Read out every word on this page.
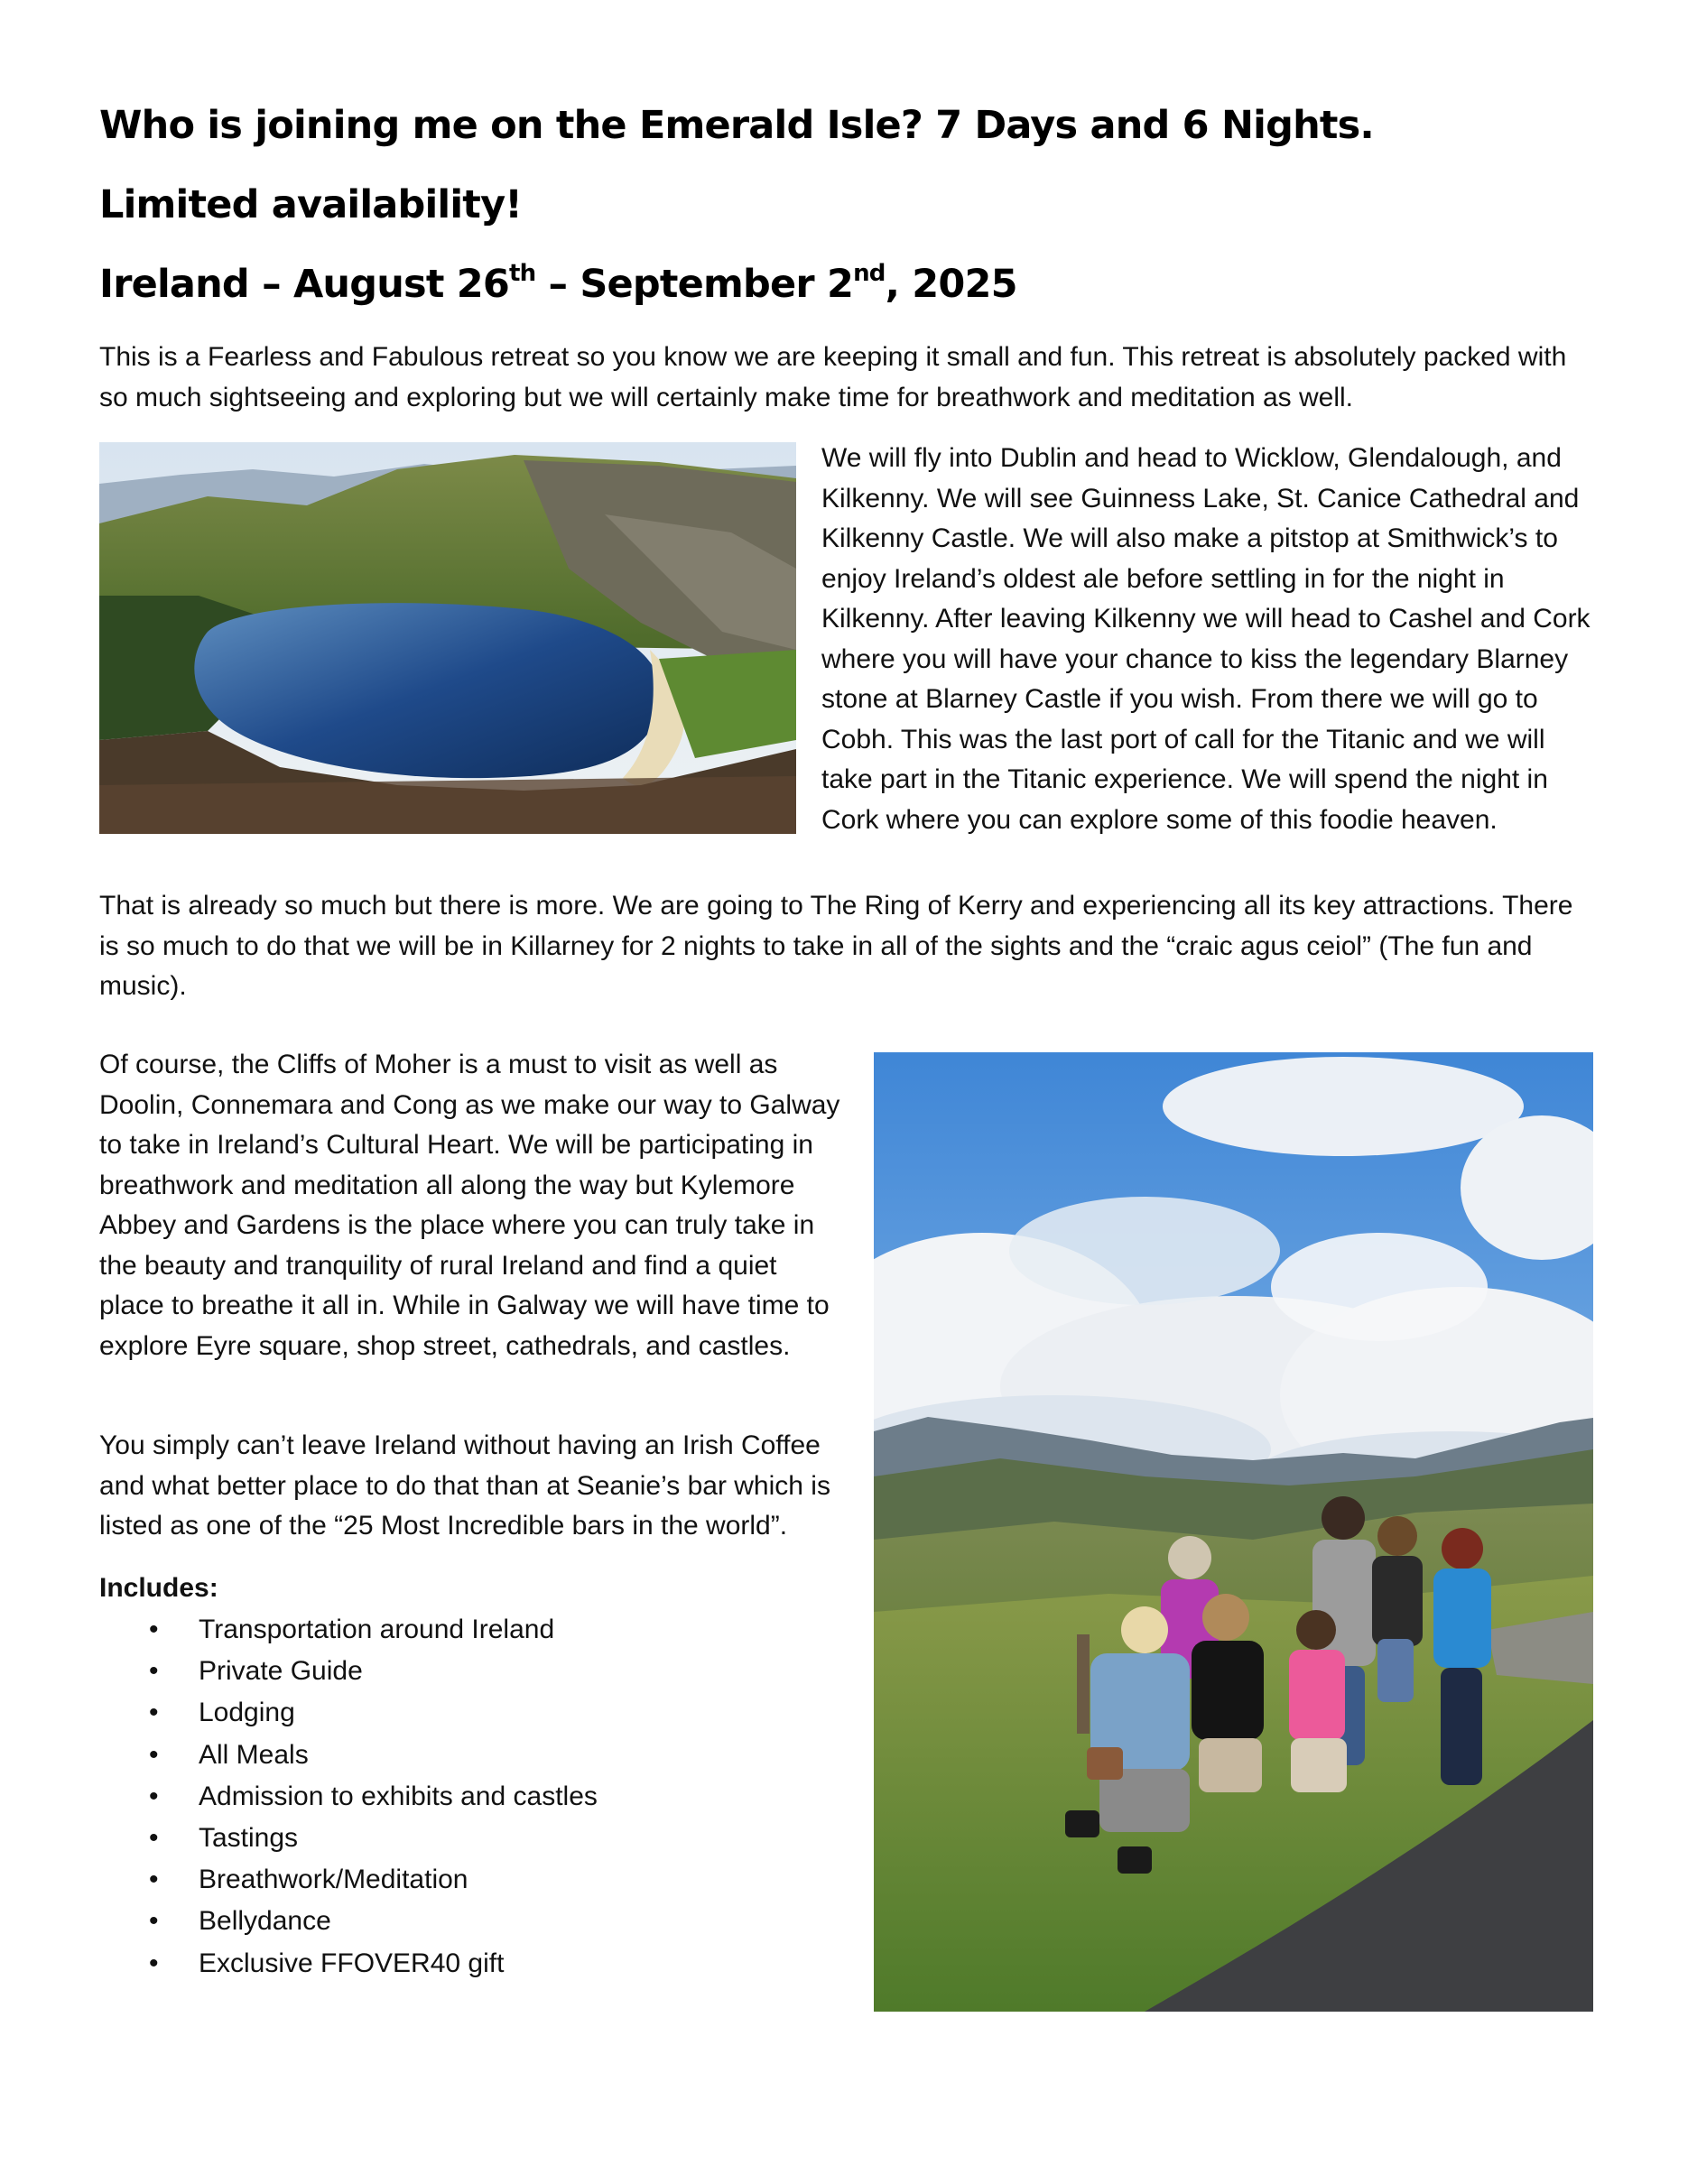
Who is joining me on the Emerald Isle? 7 Days and 6 Nights.
Limited availability!
Ireland – August 26th – September 2nd, 2025

This is a Fearless and Fabulous retreat so you know we are keeping it small and fun. This retreat is absolutely packed with so much sightseeing and exploring but we will certainly make time for breathwork and meditation as well.

We will fly into Dublin and head to Wicklow, Glendalough, and Kilkenny. We will see Guinness Lake, St. Canice Cathedral and Kilkenny Castle. We will also make a pitstop at Smithwick’s to enjoy Ireland’s oldest ale before settling in for the night in Kilkenny. After leaving Kilkenny we will head to Cashel and Cork where you will have your chance to kiss the legendary Blarney stone at Blarney Castle if you wish. From there we will go to Cobh. This was the last port of call for the Titanic and we will take part in the Titanic experience. We will spend the night in Cork where you can explore some of this foodie heaven.

That is already so much but there is more. We are going to The Ring of Kerry and experiencing all its key attractions. There is so much to do that we will be in Killarney for 2 nights to take in all of the sights and the “craic agus ceiol” (The fun and music).

Of course, the Cliffs of Moher is a must to visit as well as Doolin, Connemara and Cong as we make our way to Galway to take in Ireland’s Cultural Heart. We will be participating in breathwork and meditation all along the way but Kylemore Abbey and Gardens is the place where you can truly take in the beauty and tranquility of rural Ireland and find a quiet place to breathe it all in. While in Galway we will have time to explore Eyre square, shop street, cathedrals, and castles.

You simply can’t leave Ireland without having an Irish Coffee and what better place to do that than at Seanie’s bar which is listed as one of the “25 Most Incredible bars in the world”.

Includes:

• Transportation around Ireland
• Private Guide
• Lodging
• All Meals
• Admission to exhibits and castles
• Tastings
• Breathwork/Meditation
• Bellydance
• Exclusive FFOVER40 gift
